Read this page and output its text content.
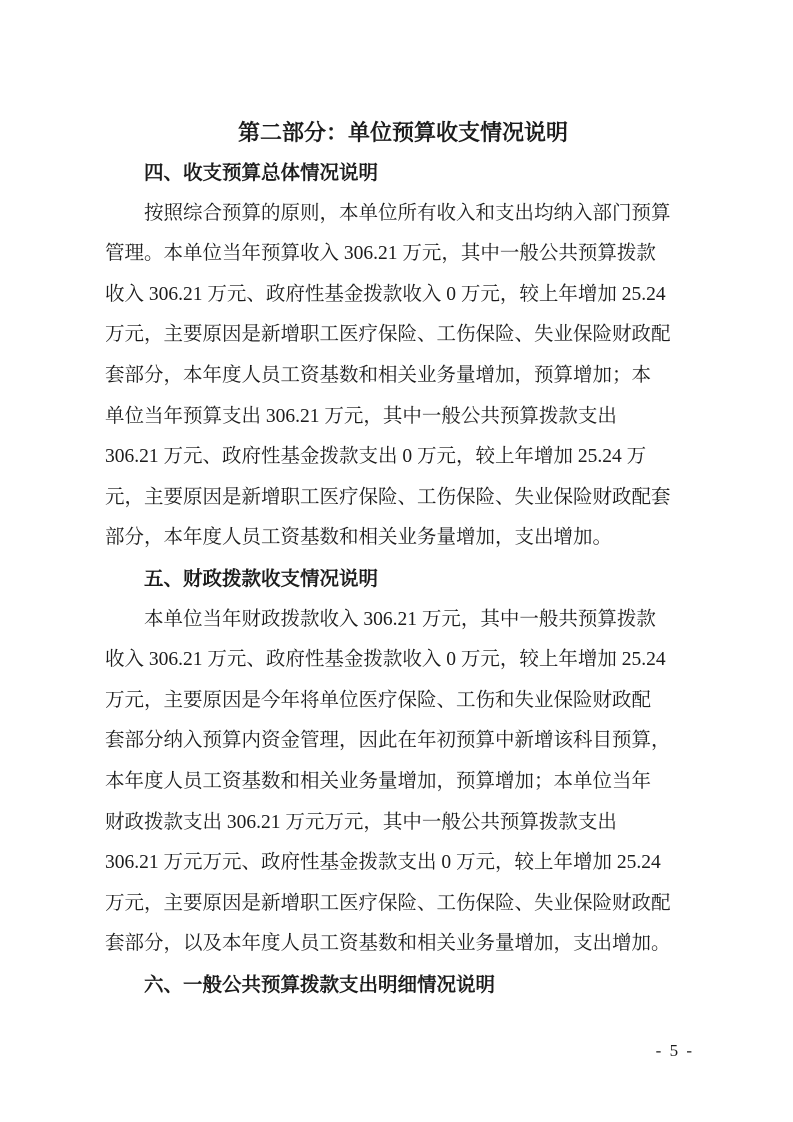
第二部分：单位预算收支情况说明
四、收支预算总体情况说明
按照综合预算的原则，本单位所有收入和支出均纳入部门预算
管理。本单位当年预算收入 306.21 万元，其中一般公共预算拨款
收入 306.21 万元、政府性基金拨款收入 0 万元，较上年增加 25.24
万元，主要原因是新增职工医疗保险、工伤保险、失业保险财政配
套部分，本年度人员工资基数和相关业务量增加，预算增加；本
单位当年预算支出 306.21 万元，其中一般公共预算拨款支出
306.21 万元、政府性基金拨款支出 0 万元，较上年增加 25.24 万
元，主要原因是新增职工医疗保险、工伤保险、失业保险财政配套
部分，本年度人员工资基数和相关业务量增加，支出增加。
五、财政拨款收支情况说明
本单位当年财政拨款收入 306.21 万元，其中一般共预算拨款
收入 306.21 万元、政府性基金拨款收入 0 万元，较上年增加 25.24
万元，主要原因是今年将单位医疗保险、工伤和失业保险财政配
套部分纳入预算内资金管理，因此在年初预算中新增该科目预算，
本年度人员工资基数和相关业务量增加，预算增加；本单位当年
财政拨款支出 306.21 万元万元，其中一般公共预算拨款支出
306.21 万元万元、政府性基金拨款支出 0 万元，较上年增加 25.24
万元，主要原因是新增职工医疗保险、工伤保险、失业保险财政配
套部分，以及本年度人员工资基数和相关业务量增加，支出增加。
六、一般公共预算拨款支出明细情况说明
- 5 -
